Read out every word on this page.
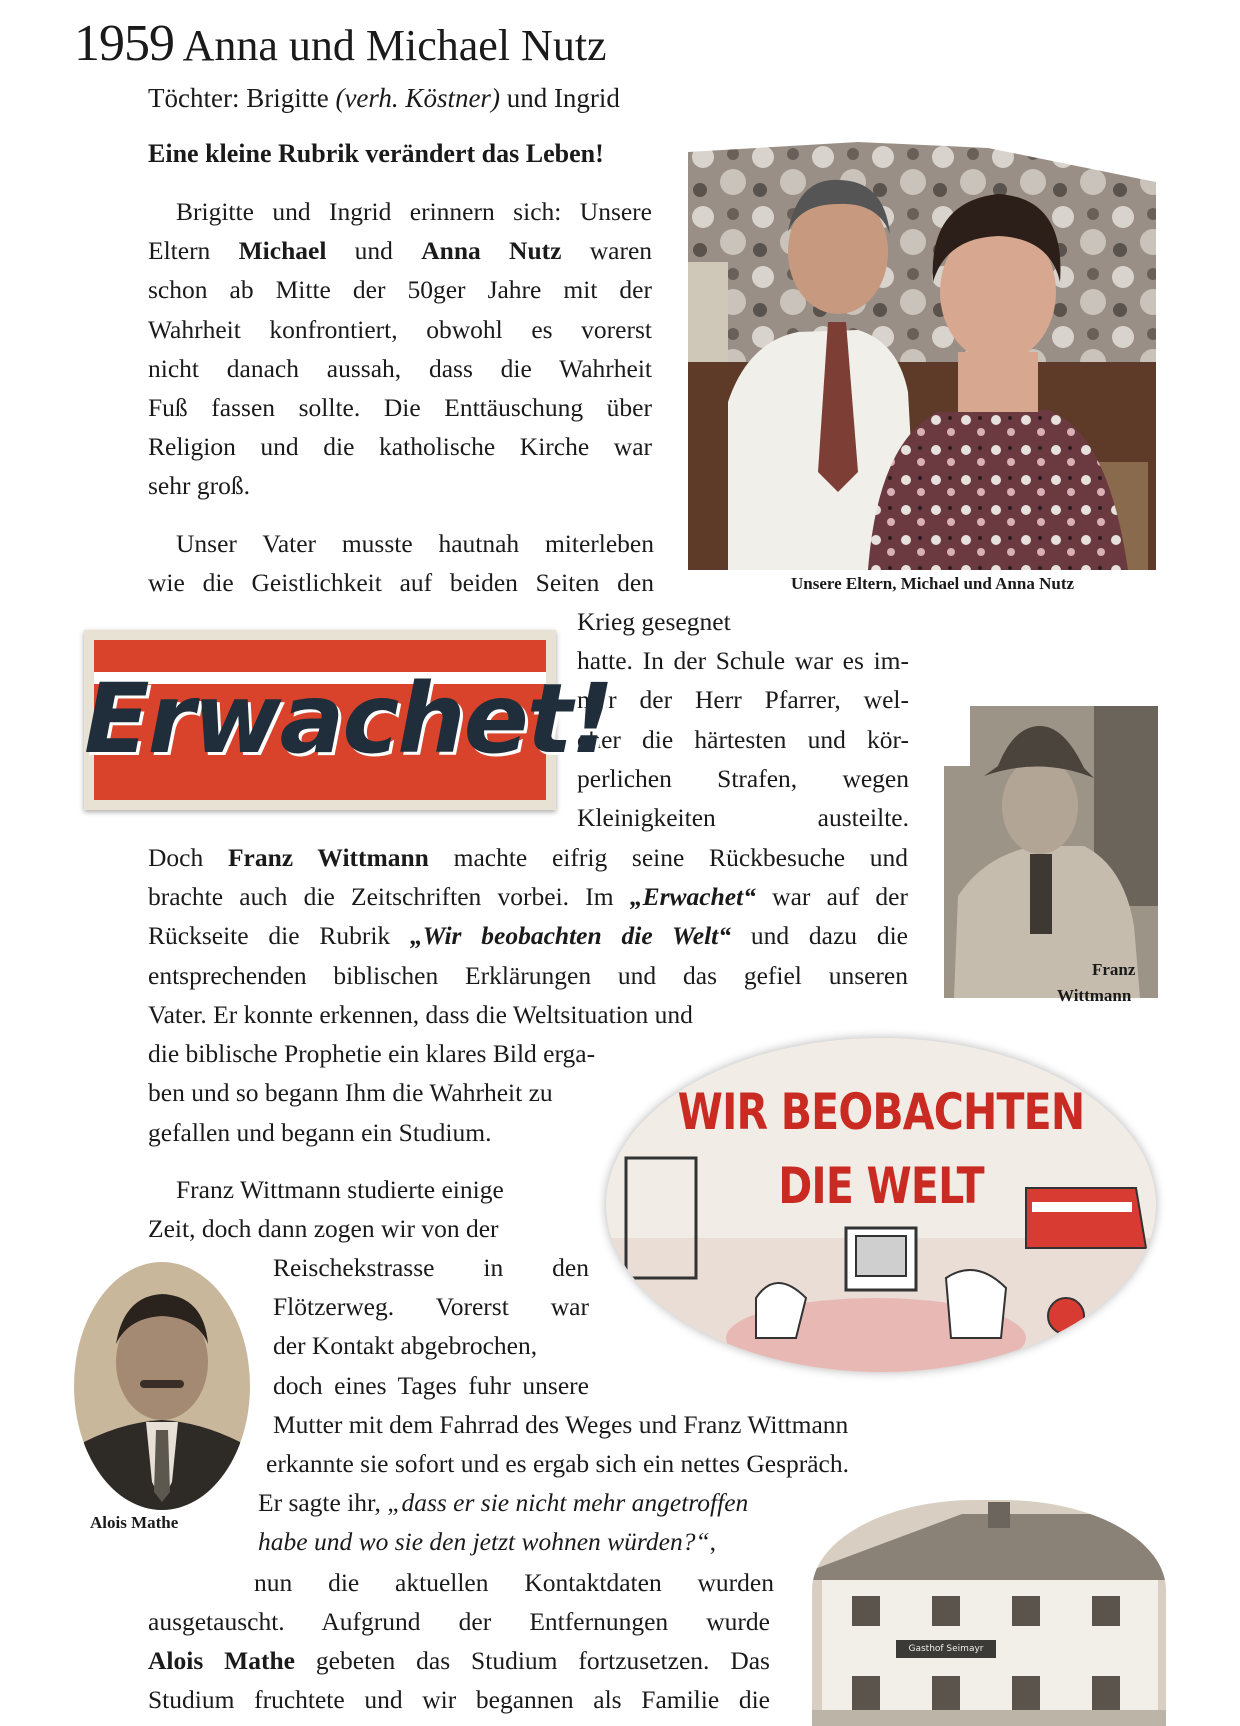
1959 Anna und Michael Nutz
Töchter: Brigitte (verh. Köstner) und Ingrid
Eine kleine Rubrik verändert das Leben!
Brigitte und Ingrid erinnern sich: Unsere
Eltern Michael und Anna Nutz waren
schon ab Mitte der 50ger Jahre mit der
Wahrheit konfrontiert, obwohl es vorerst
nicht danach aussah, dass die Wahrheit
Fuß fassen sollte. Die Enttäuschung über
Religion und die katholische Kirche war
sehr groß.
Unser Vater musste hautnah miterleben
wie die Geistlichkeit auf beiden Seiten den
Krieg gesegnet
hatte. In der Schule war es im-
mer der Herr Pfarrer, wel-
cher die härtesten und kör-
perlichen Strafen, wegen
Kleinigkeiten austeilte.
Doch Franz Wittmann machte eifrig seine Rückbesuche und
brachte auch die Zeitschriften vorbei. Im „Erwachet“ war auf der
Rückseite die Rubrik „Wir beobachten die Welt“ und dazu die
entsprechenden biblischen Erklärungen und das gefiel unseren
Vater. Er konnte erkennen, dass die Weltsituation und
die biblische Prophetie ein klares Bild erga-
ben und so begann Ihm die Wahrheit zu
gefallen und begann ein Studium.
Franz Wittmann studierte einige
Zeit, doch dann zogen wir von der
Reischekstrasse in den
Flötzerweg. Vorerst war
der Kontakt abgebrochen,
doch eines Tages fuhr unsere
Mutter mit dem Fahrrad des Weges und Franz Wittmann
erkannte sie sofort und es ergab sich ein nettes Gespräch.
Er sagte ihr, „dass er sie nicht mehr angetroffen
habe und wo sie den jetzt wohnen würden?“,
nun die aktuellen Kontaktdaten wurden
ausgetauscht. Aufgrund der Entfernungen wurde
Alois Mathe gebeten das Studium fortzusetzen. Das
Studium fruchtete und wir begannen als Familie die
Unsere Eltern, Michael und Anna Nutz
Erwachet!
Franz
Wittmann
WIR BEOBACHTEN
DIE WELT
Alois Mathe
Gasthof Seimayr
